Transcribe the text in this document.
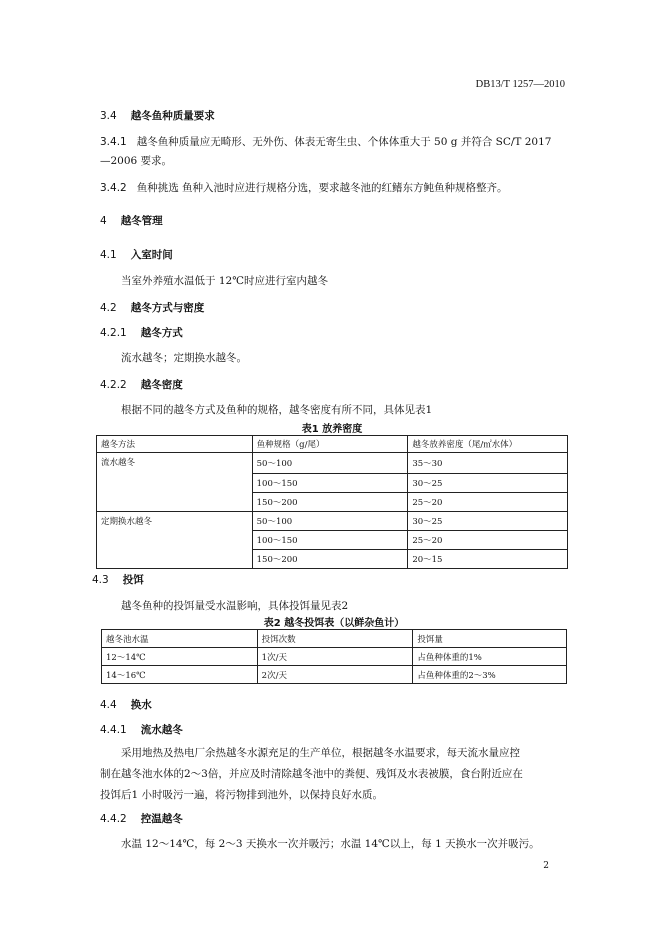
DB13/T 1257—2010
3.4 越冬鱼种质量要求
3.4.1 越冬鱼种质量应无畸形、无外伤、体表无寄生虫、个体体重大于 50 g 并符合 SC/T 2017
—2006 要求。
3.4.2 鱼种挑选 鱼种入池时应进行规格分选，要求越冬池的红鳍东方鲀鱼种规格整齐。
4 越冬管理
4.1 入室时间
当室外养殖水温低于 12℃时应进行室内越冬
4.2 越冬方式与密度
4.2.1 越冬方式
流水越冬；定期换水越冬。
4.2.2 越冬密度
根据不同的越冬方式及鱼种的规格，越冬密度有所不同，具体见表1
表1 放养密度
越冬方法	鱼种规格（g/尾）	越冬放养密度（尾/㎡水体）
流水越冬	50～100	35～30
	100～150	30～25
	150～200	25～20
定期换水越冬	50～100	30～25
	100～150	25～20
	150～200	20～15
4.3 投饵
越冬鱼种的投饵量受水温影响，具体投饵量见表2
表2 越冬投饵表（以鲜杂鱼计）
越冬池水温	投饵次数	投饵量
12～14℃	1次/天	占鱼种体重的1%
14～16℃	2次/天	占鱼种体重的2～3%
4.4 换水
4.4.1 流水越冬
采用地热及热电厂余热越冬水源充足的生产单位，根据越冬水温要求，每天流水量应控
制在越冬池水体的2～3倍，并应及时清除越冬池中的粪便、残饵及水表被膜，食台附近应在
投饵后1 小时吸污一遍，将污物排到池外，以保持良好水质。
4.4.2 控温越冬
水温 12～14℃，每 2～3 天换水一次并吸污；水温 14℃以上，每 1 天换水一次并吸污。
2
